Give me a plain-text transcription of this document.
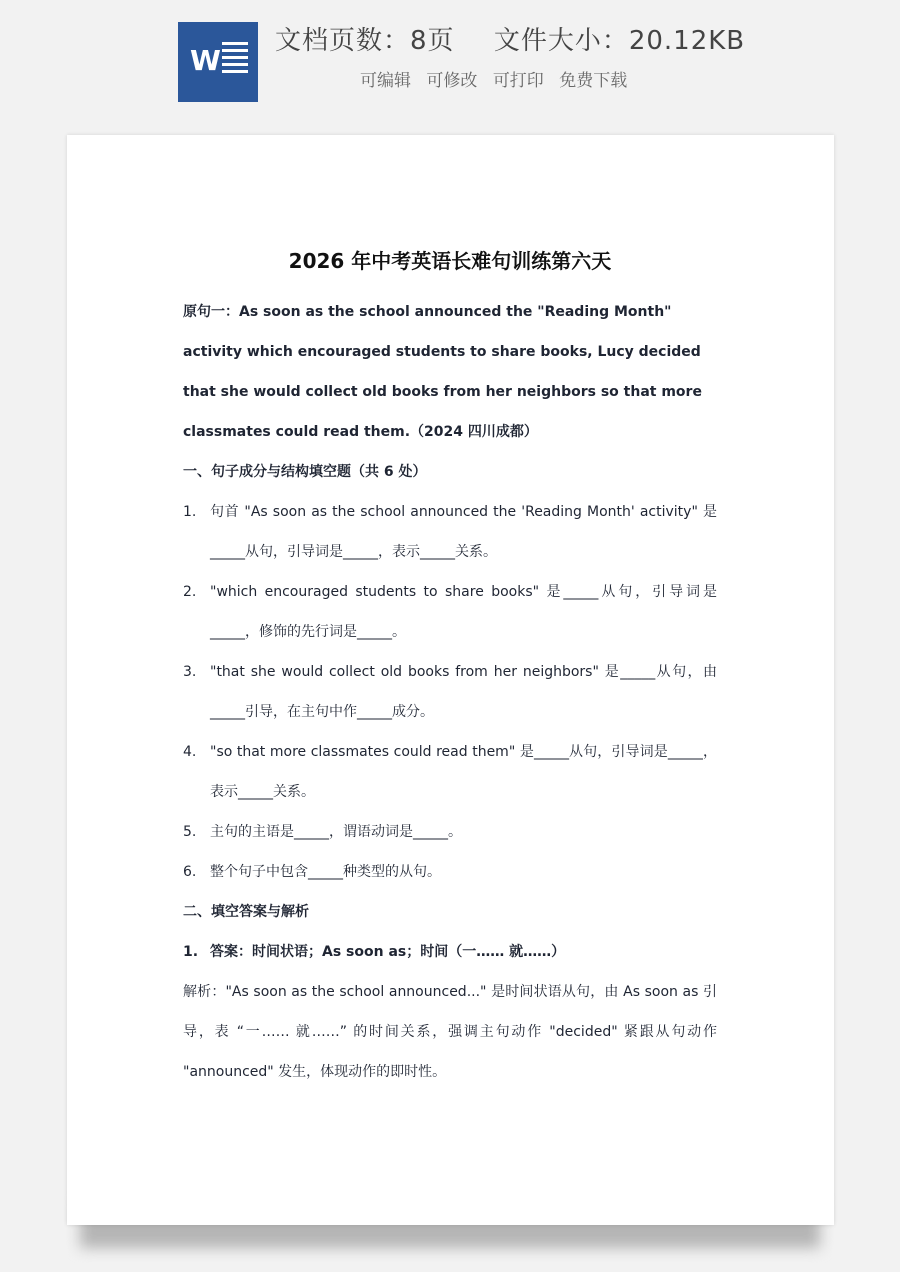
W
文档页数：8页 文件大小：20.12KB
可编辑 可修改 可打印 免费下载
2026 年中考英语长难句训练第六天
原句一：As soon as the school announced the "Reading Month" activity which encouraged students to share books, Lucy decided that she would collect old books from her neighbors so that more classmates could read them.（2024 四川成都）
一、句子成分与结构填空题（共 6 处）
1. 句首 "As soon as the school announced the 'Reading Month' activity" 是_____从句，引导词是_____，表示_____关系。
2. "which encouraged students to share books" 是_____从句，引导词是_____，修饰的先行词是_____。
3. "that she would collect old books from her neighbors" 是_____从句，由_____引导，在主句中作_____成分。
4. "so that more classmates could read them" 是_____从句，引导词是_____，表示_____关系。
5. 主句的主语是_____，谓语动词是_____。
6. 整个句子中包含_____种类型的从句。
二、填空答案与解析
1. 答案：时间状语；As soon as；时间（一…… 就……）
解析："As soon as the school announced..." 是时间状语从句，由 As soon as 引导，表 “一…… 就……” 的时间关系，强调主句动作 "decided" 紧跟从句动作 "announced" 发生，体现动作的即时性。
